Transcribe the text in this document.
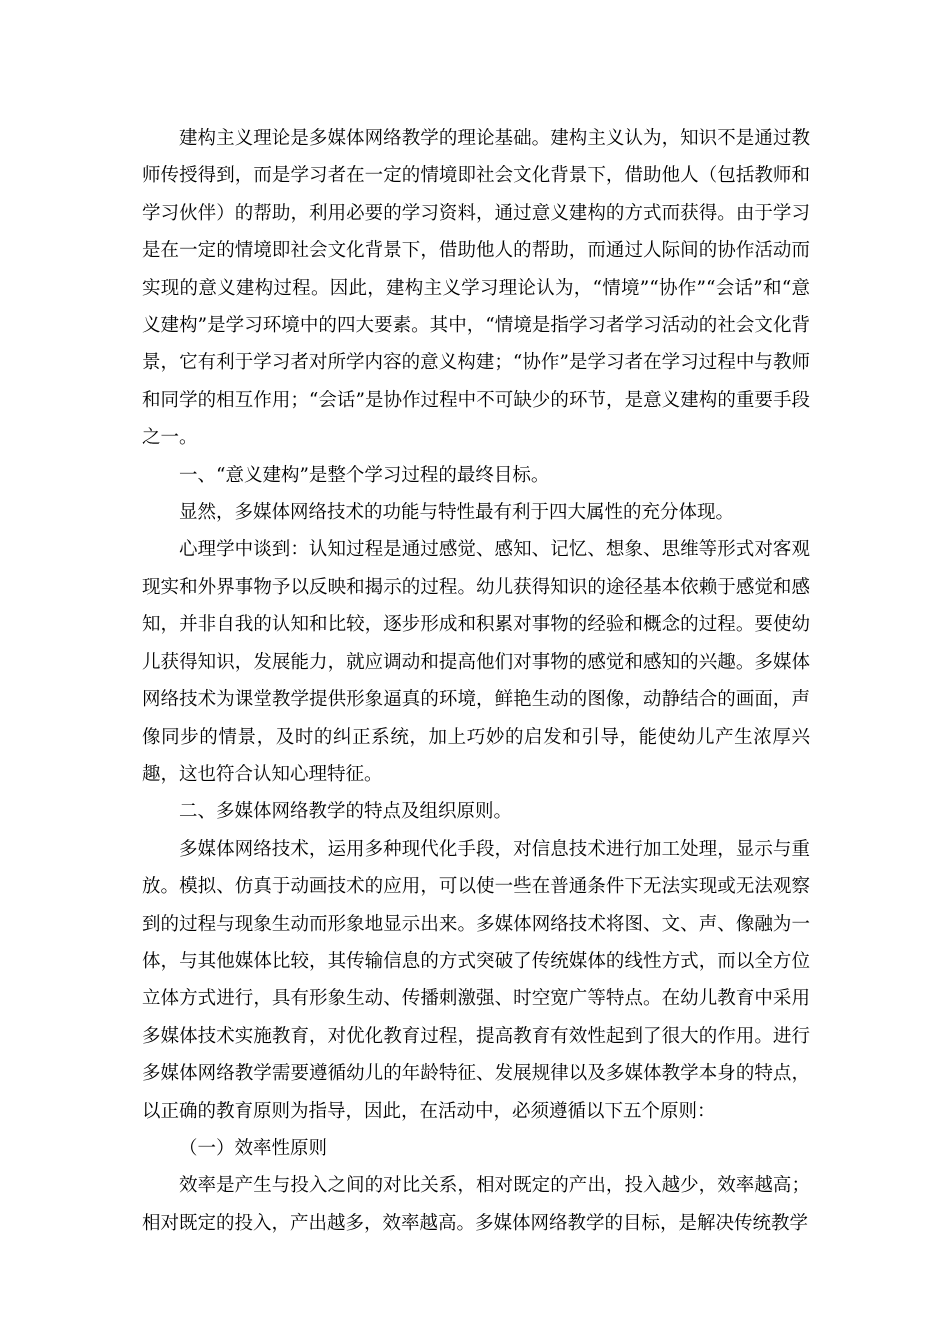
建构主义理论是多媒体网络教学的理论基础。建构主义认为，知识不是通过教师传授得到，而是学习者在一定的情境即社会文化背景下，借助他人（包括教师和学习伙伴）的帮助，利用必要的学习资料，通过意义建构的方式而获得。由于学习是在一定的情境即社会文化背景下，借助他人的帮助，而通过人际间的协作活动而实现的意义建构过程。因此，建构主义学习理论认为，“情境”“协作”“会话”和“意义建构”是学习环境中的四大要素。其中，“情境是指学习者学习活动的社会文化背景，它有利于学习者对所学内容的意义构建；“协作”是学习者在学习过程中与教师和同学的相互作用；“会话”是协作过程中不可缺少的环节，是意义建构的重要手段之一。

一、“意义建构”是整个学习过程的最终目标。

显然，多媒体网络技术的功能与特性最有利于四大属性的充分体现。

心理学中谈到：认知过程是通过感觉、感知、记忆、想象、思维等形式对客观现实和外界事物予以反映和揭示的过程。幼儿获得知识的途径基本依赖于感觉和感知，并非自我的认知和比较，逐步形成和积累对事物的经验和概念的过程。要使幼儿获得知识，发展能力，就应调动和提高他们对事物的感觉和感知的兴趣。多媒体网络技术为课堂教学提供形象逼真的环境，鲜艳生动的图像，动静结合的画面，声像同步的情景，及时的纠正系统，加上巧妙的启发和引导，能使幼儿产生浓厚兴趣，这也符合认知心理特征。

二、多媒体网络教学的特点及组织原则。

多媒体网络技术，运用多种现代化手段，对信息技术进行加工处理，显示与重放。模拟、仿真于动画技术的应用，可以使一些在普通条件下无法实现或无法观察到的过程与现象生动而形象地显示出来。多媒体网络技术将图、文、声、像融为一体，与其他媒体比较，其传输信息的方式突破了传统媒体的线性方式，而以全方位立体方式进行，具有形象生动、传播刺激强、时空宽广等特点。在幼儿教育中采用多媒体技术实施教育，对优化教育过程，提高教育有效性起到了很大的作用。进行多媒体网络教学需要遵循幼儿的年龄特征、发展规律以及多媒体教学本身的特点，以正确的教育原则为指导，因此，在活动中，必须遵循以下五个原则：

（一）效率性原则

效率是产生与投入之间的对比关系，相对既定的产出，投入越少，效率越高；相对既定的投入，产出越多，效率越高。多媒体网络教学的目标，是解决传统教学
